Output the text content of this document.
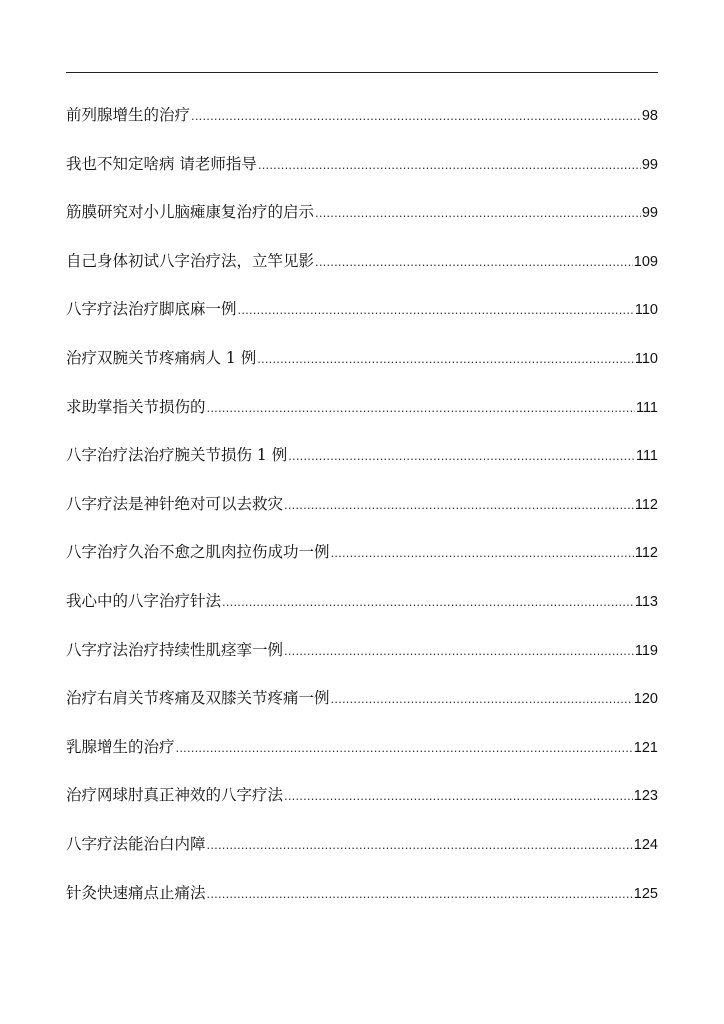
前列腺增生的治疗 .....	98
我也不知定啥病 请老师指导 .....	99
筋膜研究对小儿脑瘫康复治疗的启示 .....	99
自己身体初试八字治疗法，立竿见影 .....	109
八字疗法治疗脚底麻一例 .....	110
治疗双腕关节疼痛病人 1 例 .....	110
求助掌指关节损伤的 .....	111
八字治疗法治疗腕关节损伤 1 例 .....	111
八字疗法是神针绝对可以去救灾 .....	112
八字治疗久治不愈之肌肉拉伤成功一例 .....	112
我心中的八字治疗针法 .....	113
八字疗法治疗持续性肌痉挛一例 .....	119
治疗右肩关节疼痛及双膝关节疼痛一例 .....	120
乳腺增生的治疗 .....	121
治疗网球肘真正神效的八字疗法 .....	123
八字疗法能治白内障 .....	124
针灸快速痛点止痛法 .....	125
